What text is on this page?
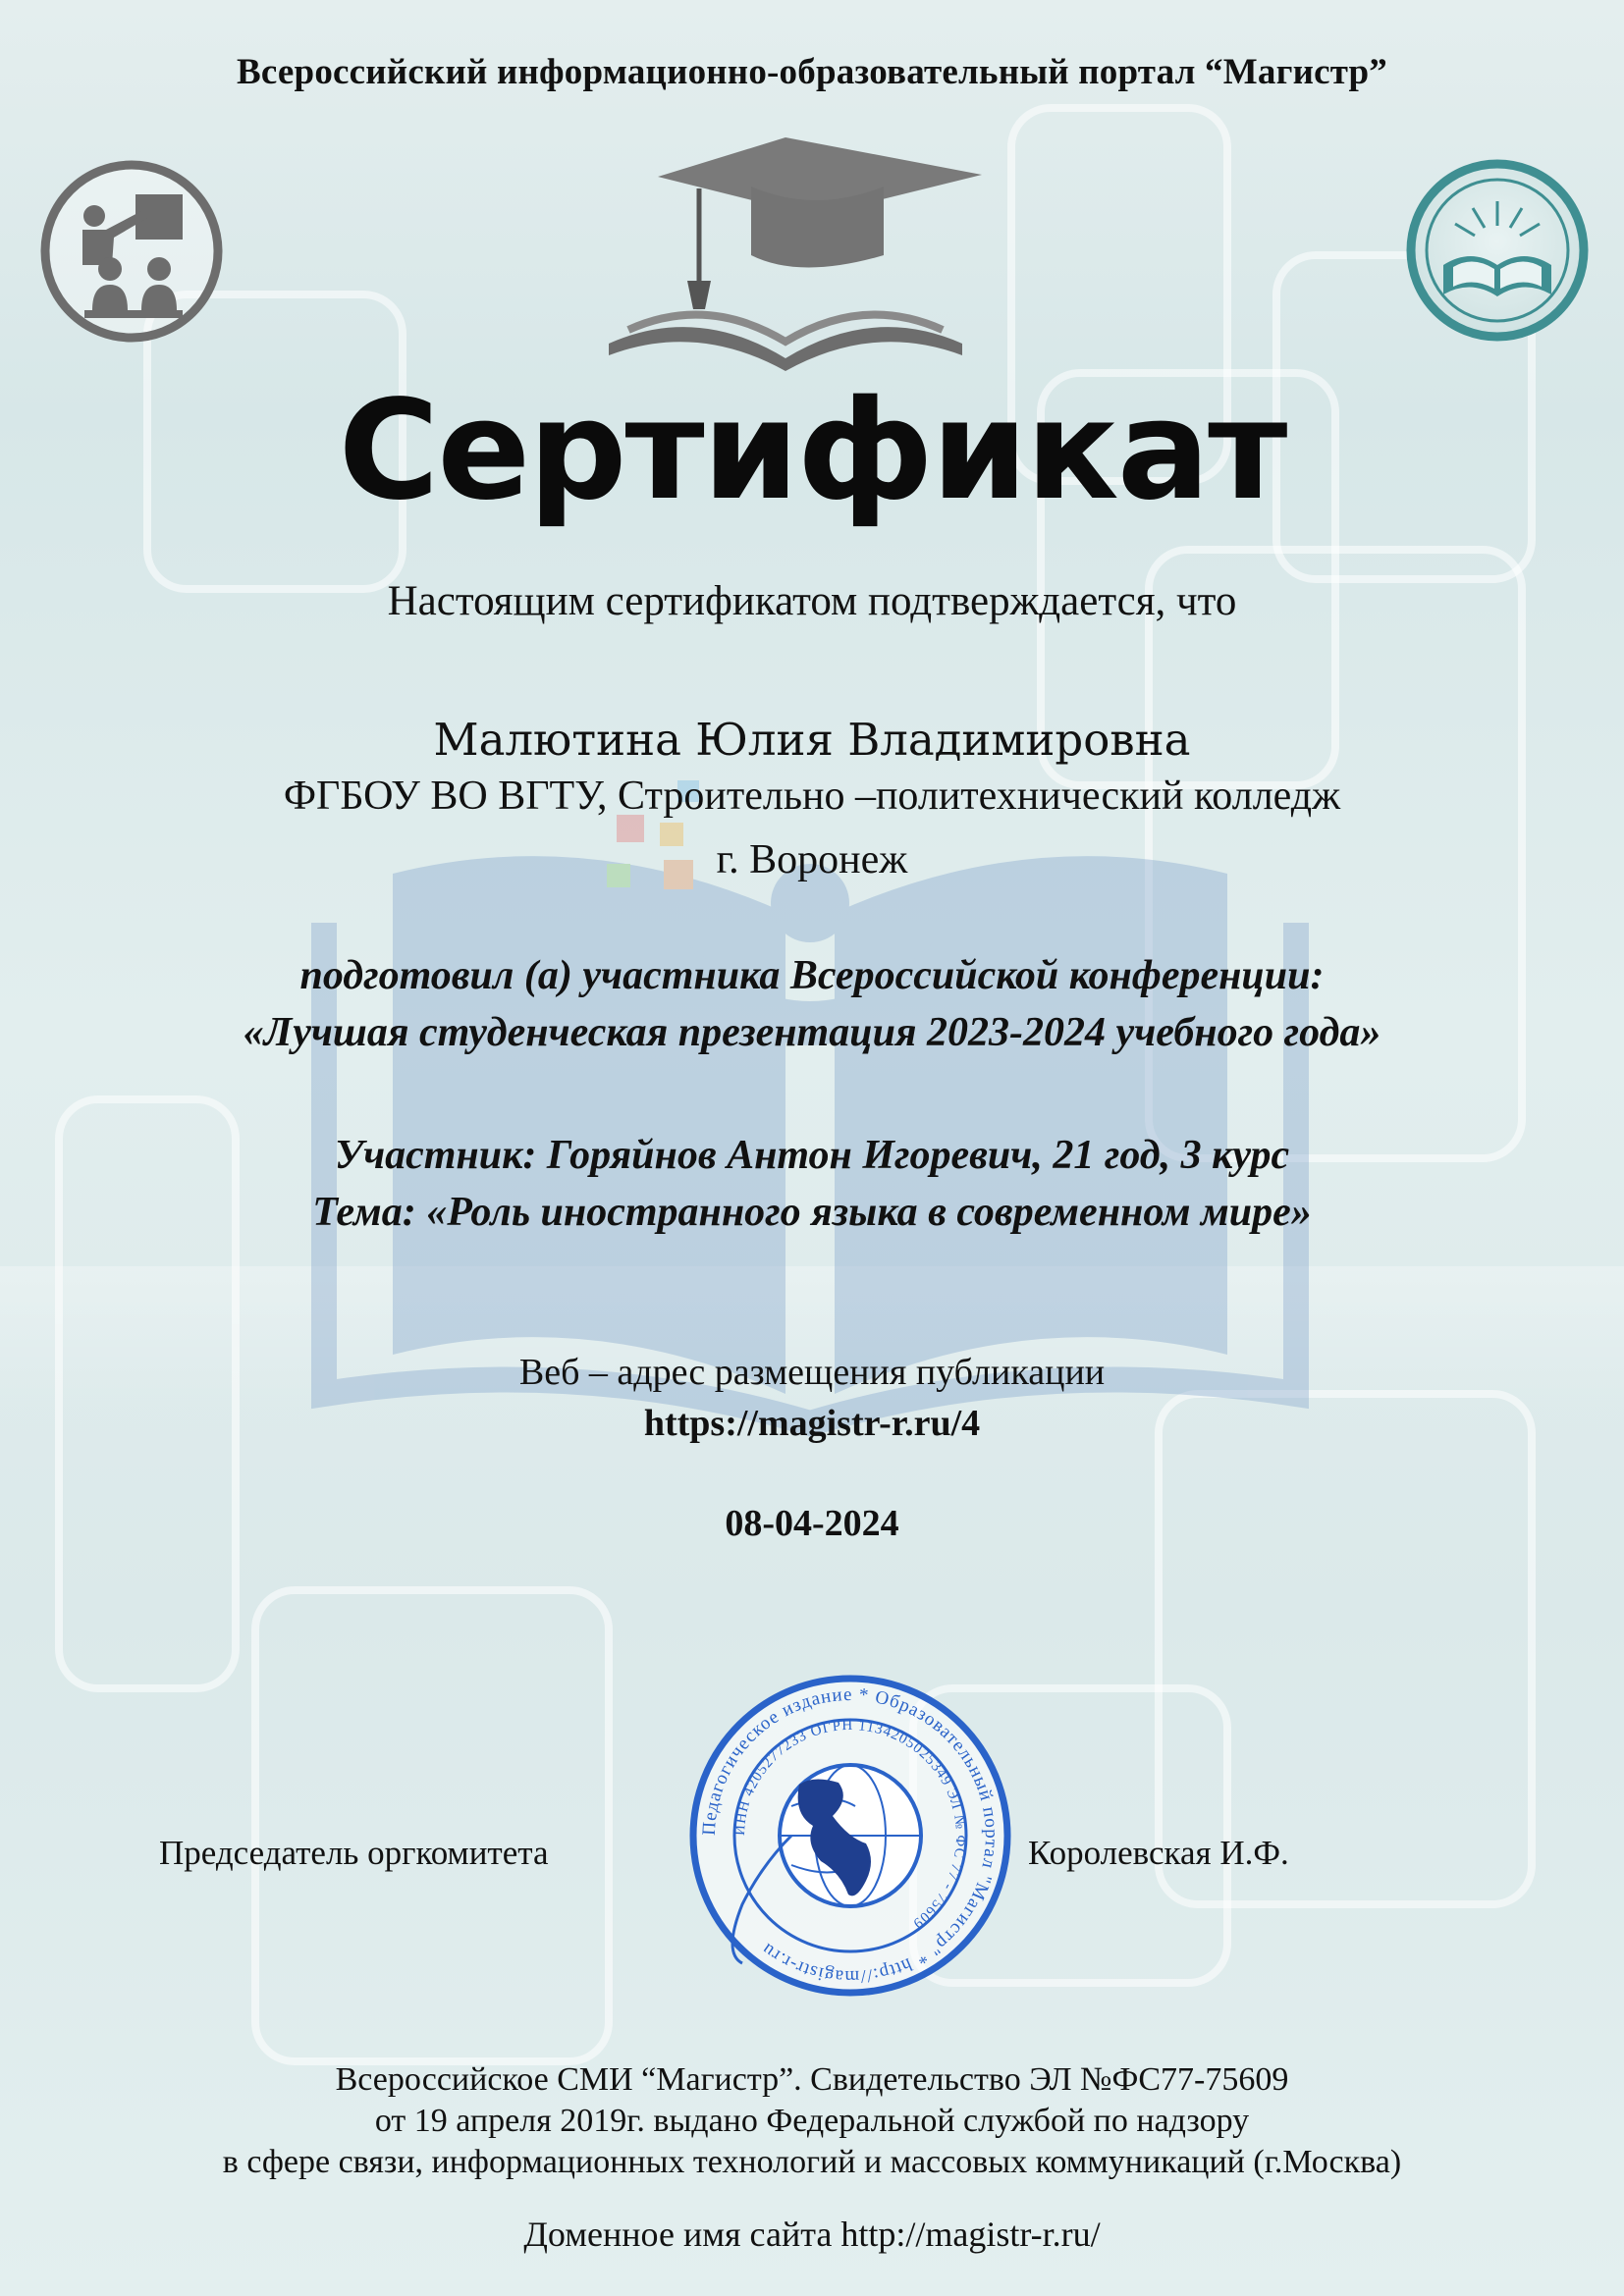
Педагогическое издание * Образовательный портал "Магистр" * http://magistr-r.ru
ИНН 4205277233 ОГРН 1134205025349 ЭЛ № ФС 77 - 75609
Всероссийский информационно-образовательный портал “Магистр”
Сертификат
Настоящим сертификатом подтверждается, что
Малютина Юлия Владимировна
ФГБОУ ВО ВГТУ, Строительно –политехнический колледж
г. Воронеж
подготовил (а) участника Всероссийской конференции:
«Лучшая студенческая презентация 2023-2024 учебного года»
Участник: Горяйнов Антон Игоревич, 21 год, 3 курс
Тема: «Роль иностранного языка в современном мире»
Веб – адрес размещения публикации
https://magistr-r.ru/4
08-04-2024
Председатель оргкомитета	Королевская И.Ф.
Всероссийское СМИ “Магистр”. Свидетельство ЭЛ №ФС77-75609
от 19 апреля 2019г. выдано Федеральной службой по надзору
в сфере связи, информационных технологий и массовых коммуникаций (г.Москва)
Доменное имя сайта http://magistr-r.ru/
